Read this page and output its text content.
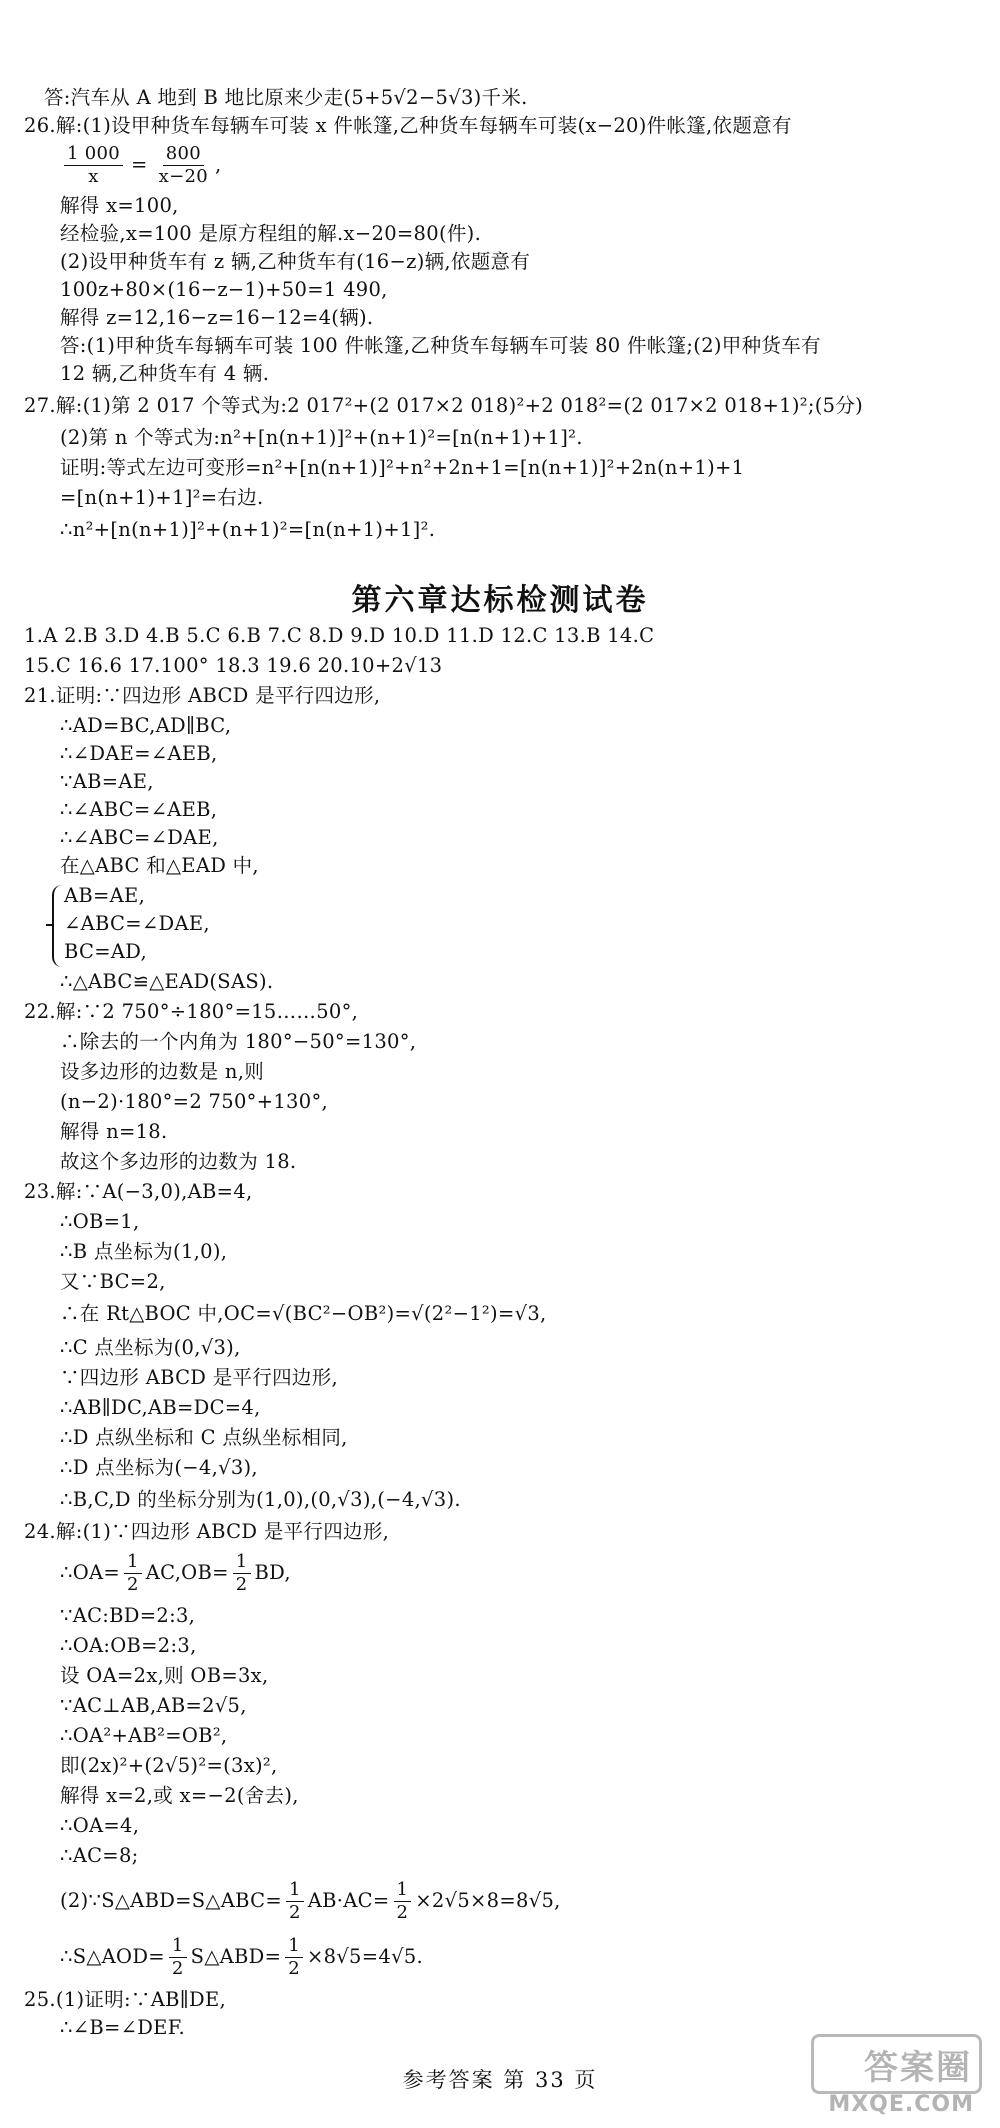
答:汽车从 A 地到 B 地比原来少走(5+5√2−5√3)千米.
26.解:(1)设甲种货车每辆车可装 x 件帐篷,乙种货车每辆车可装(x−20)件帐篷,依题意有
$\frac{1 000}{x} = \frac{800}{x-20}$ ,
解得 x=100,
经检验,x=100 是原方程组的解.x−20=80(件).
(2)设甲种货车有 z 辆,乙种货车有(16−z)辆,依题意有
100z+80×(16−z−1)+50=1 490,
解得 z=12,16−z=16−12=4(辆).
答:(1)甲种货车每辆车可装 100 件帐篷,乙种货车每辆车可装 80 件帐篷;(2)甲种货车有
12 辆,乙种货车有 4 辆.
27.解:(1)第 2 017 个等式为:2 017²+(2 017×2 018)²+2 018²=(2 017×2 018+1)²;(5分)
(2)第 n 个等式为:n²+[n(n+1)]²+(n+1)²=[n(n+1)+1]².
证明:等式左边可变形=n²+[n(n+1)]²+n²+2n+1=[n(n+1)]²+2n(n+1)+1
=[n(n+1)+1]²=右边.
∴n²+[n(n+1)]²+(n+1)²=[n(n+1)+1]².
第六章达标检测试卷
1.A 2.B 3.D 4.B 5.C 6.B 7.C 8.D 9.D 10.D 11.D 12.C 13.B 14.C
15.C 16.6 17.100° 18.3 19.6 20.10+2√13
21.证明:∵四边形 ABCD 是平行四边形,
∴AD=BC,AD∥BC,
∴∠DAE=∠AEB,
∵AB=AE,
∴∠ABC=∠AEB,
∴∠ABC=∠DAE,
在△ABC 和△EAD 中,
AB=AE,
∠ABC=∠DAE,
BC=AD,
∴△ABC≌△EAD(SAS).
22.解:∵2 750°÷180°=15……50°,
∴除去的一个内角为 180°−50°=130°,
设多边形的边数是 n,则
(n−2)·180°=2 750°+130°,
解得 n=18.
故这个多边形的边数为 18.
23.解:∵A(−3,0),AB=4,
∴OB=1,
∴B 点坐标为(1,0),
又∵BC=2,
∴在 Rt△BOC 中,OC=√(BC²−OB²)=√(2²−1²)=√3,
∴C 点坐标为(0,√3),
∵四边形 ABCD 是平行四边形,
∴AB∥DC,AB=DC=4,
∴D 点纵坐标和 C 点纵坐标相同,
∴D 点坐标为(−4,√3),
∴B,C,D 的坐标分别为(1,0),(0,√3),(−4,√3).
24.解:(1)∵四边形 ABCD 是平行四边形,
∴OA= $\frac{1}{2} AC,OB= \frac{1}{2}$ BD,
∵AC:BD=2:3,
∴OA:OB=2:3,
设 OA=2x,则 OB=3x,
∵AC⊥AB,AB=2√5,
∴OA²+AB²=OB²,
即(2x)²+(2√5)²=(3x)²,
解得 x=2,或 x=−2(舍去),
∴OA=4,
∴AC=8;
(2)∵S△ABD=S△ABC= $\frac{1}{2} AB\cdot AC= \frac{1}{2} \times 2√5\times 8=8√5$,
∴S△AOD= $\frac{1}{2}$ S△ABD= $\frac{1}{2} \times 8√5=4√5$.
25.(1)证明:∵AB∥DE,
∴∠B=∠DEF.
参考答案 第 33 页	答案圈
MXQE.COM
